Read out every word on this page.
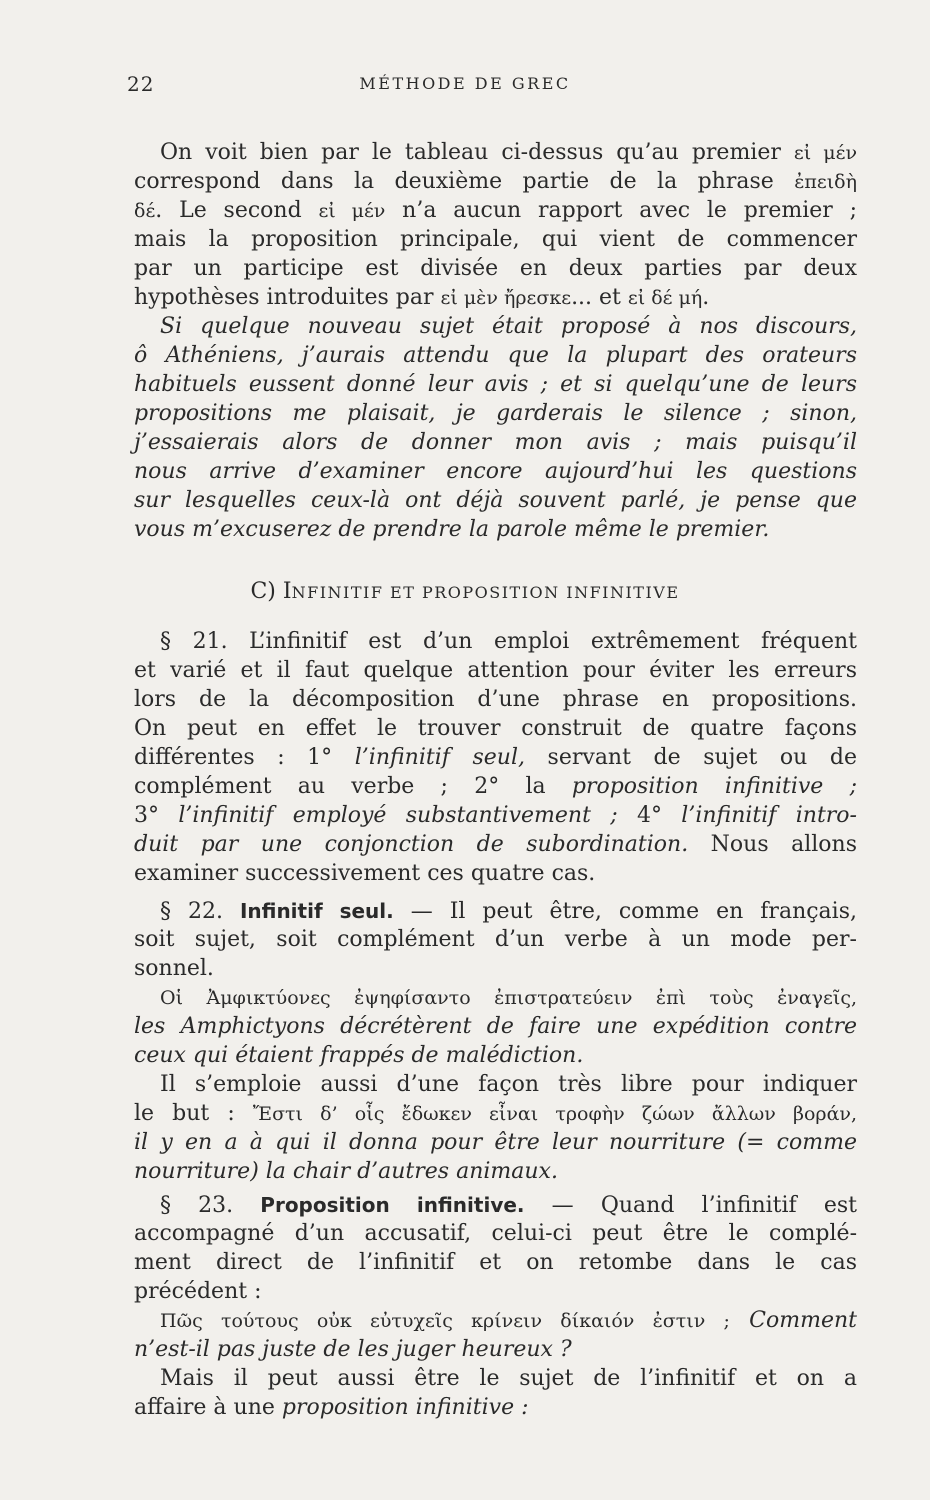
22	MÉTHODE DE GREC
On voit bien par le tableau ci-dessus qu’au premier εἰ μέν
correspond dans la deuxième partie de la phrase ἐπειδὴ
δέ. Le second εἰ μέν n’a aucun rapport avec le premier ;
mais la proposition principale, qui vient de commencer
par un participe est divisée en deux parties par deux
hypothèses introduites par εἰ μὲν ἤρεσκε... et εἰ δέ μή.
Si quelque nouveau sujet était proposé à nos discours,
ô Athéniens, j’aurais attendu que la plupart des orateurs
habituels eussent donné leur avis ; et si quelqu’une de leurs
propositions me plaisait, je garderais le silence ; sinon,
j’essaierais alors de donner mon avis ; mais puisqu’il
nous arrive d’examiner encore aujourd’hui les questions
sur lesquelles ceux-là ont déjà souvent parlé, je pense que
vous m’excuserez de prendre la parole même le premier.
C) INFINITIF ET PROPOSITION INFINITIVE
§ 21. L’infinitif est d’un emploi extrêmement fréquent
et varié et il faut quelque attention pour éviter les erreurs
lors de la décomposition d’une phrase en propositions.
On peut en effet le trouver construit de quatre façons
différentes : 1° l’infinitif seul, servant de sujet ou de
complément au verbe ; 2° la proposition infinitive ;
3° l’infinitif employé substantivement ; 4° l’infinitif intro-
duit par une conjonction de subordination. Nous allons
examiner successivement ces quatre cas.
§ 22. Infinitif seul. — Il peut être, comme en français,
soit sujet, soit complément d’un verbe à un mode per-
sonnel.
Οἱ Ἀμφικτύονες ἐψηφίσαντο ἐπιστρατεύειν ἐπὶ τοὺς ἐναγεῖς,
les Amphictyons décrétèrent de faire une expédition contre
ceux qui étaient frappés de malédiction.
Il s’emploie aussi d’une façon très libre pour indiquer
le but : Ἔστι δ’ οἷς ἔδωκεν εἶναι τροφὴν ζώων ἄλλων βοράν,
il y en a à qui il donna pour être leur nourriture (= comme
nourriture) la chair d’autres animaux.
§ 23. Proposition infinitive. — Quand l’infinitif est
accompagné d’un accusatif, celui-ci peut être le complé-
ment direct de l’infinitif et on retombe dans le cas
précédent :
Πῶς τούτους οὐκ εὐτυχεῖς κρίνειν δίκαιόν ἐστιν ; Comment
n’est-il pas juste de les juger heureux ?
Mais il peut aussi être le sujet de l’infinitif et on a
affaire à une proposition infinitive :
